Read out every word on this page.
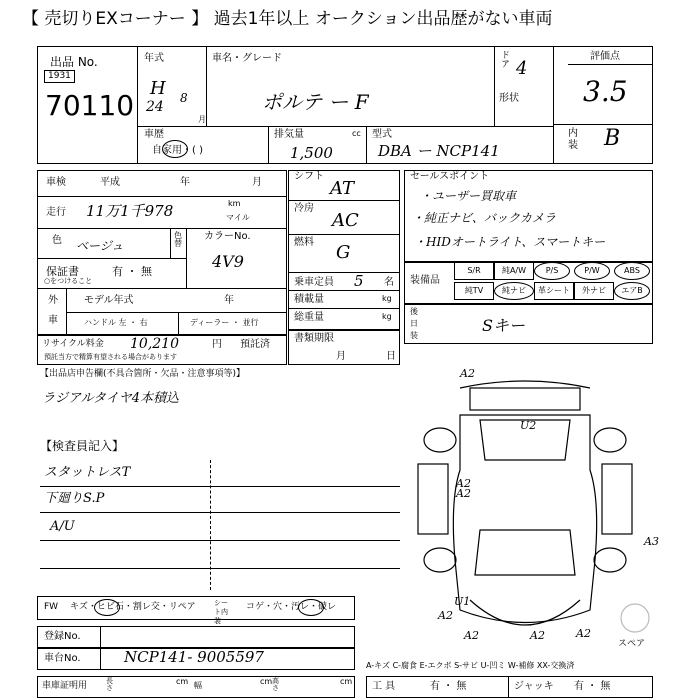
【 売切りEXコーナー 】 過去1年以上 オークション出品歴がない車両
出品 No.
1931
70110
年式
H
24
8
月
車名・グレード
ポルテ ー F
ドア 4
形状
評価点
3.5
内装 B
車歴
自家用・( )
排気量	cc
1,500
型式
DBA ー NCP141
車検	平成	年	月
走行 11万1千978	km
マイル
色 ベージュ
色替
カラーNo.
4V9
保証書	有 ・ 無
○をつけること
外
車
モデル年式	年
ハンドル 左 ・ 右	ディーラー ・ 並行
シフト
AT
冷房
AC
燃料 G
乗車定員 5 名
積載量	kg
総重量	kg
セールスポイント
・ユーザー買取車
・純正ナビ、バックカメラ
・HIDオートライト、スマートキー
装備品
S/R	純A/W	P/S	P/W	ABS
純TV	純ナビ	革シート	外ナビ	エアB
後
日
装
Sキー
リサイクル料金 10,210	円 預託済
預託当方で精算有望される場合があります
書類期限
月	日
【出品店申告欄(不具合箇所・欠品・注意事項等)】
ラジアルタイヤ4本積込
【検査員記入】
スタットレスT
下廻りS.P
A/U
FW キズ・ヒビ石・割レ交・リペア	シート内装
コゲ・穴・汚レ・破レ
登録No.
車台No.	NCP141- 9005597
車庫証明用	長さ
cm 幅	cm 高さ
cm
A2
U2
A2
A2
A3
U1
A2
A2	A2	A2
スペア
A-キズ C-腐食 E-エクボ S-サビ U-凹ミ W-補修 XX-交換済
工 具	有 ・ 無	ジャッキ 有 ・ 無
